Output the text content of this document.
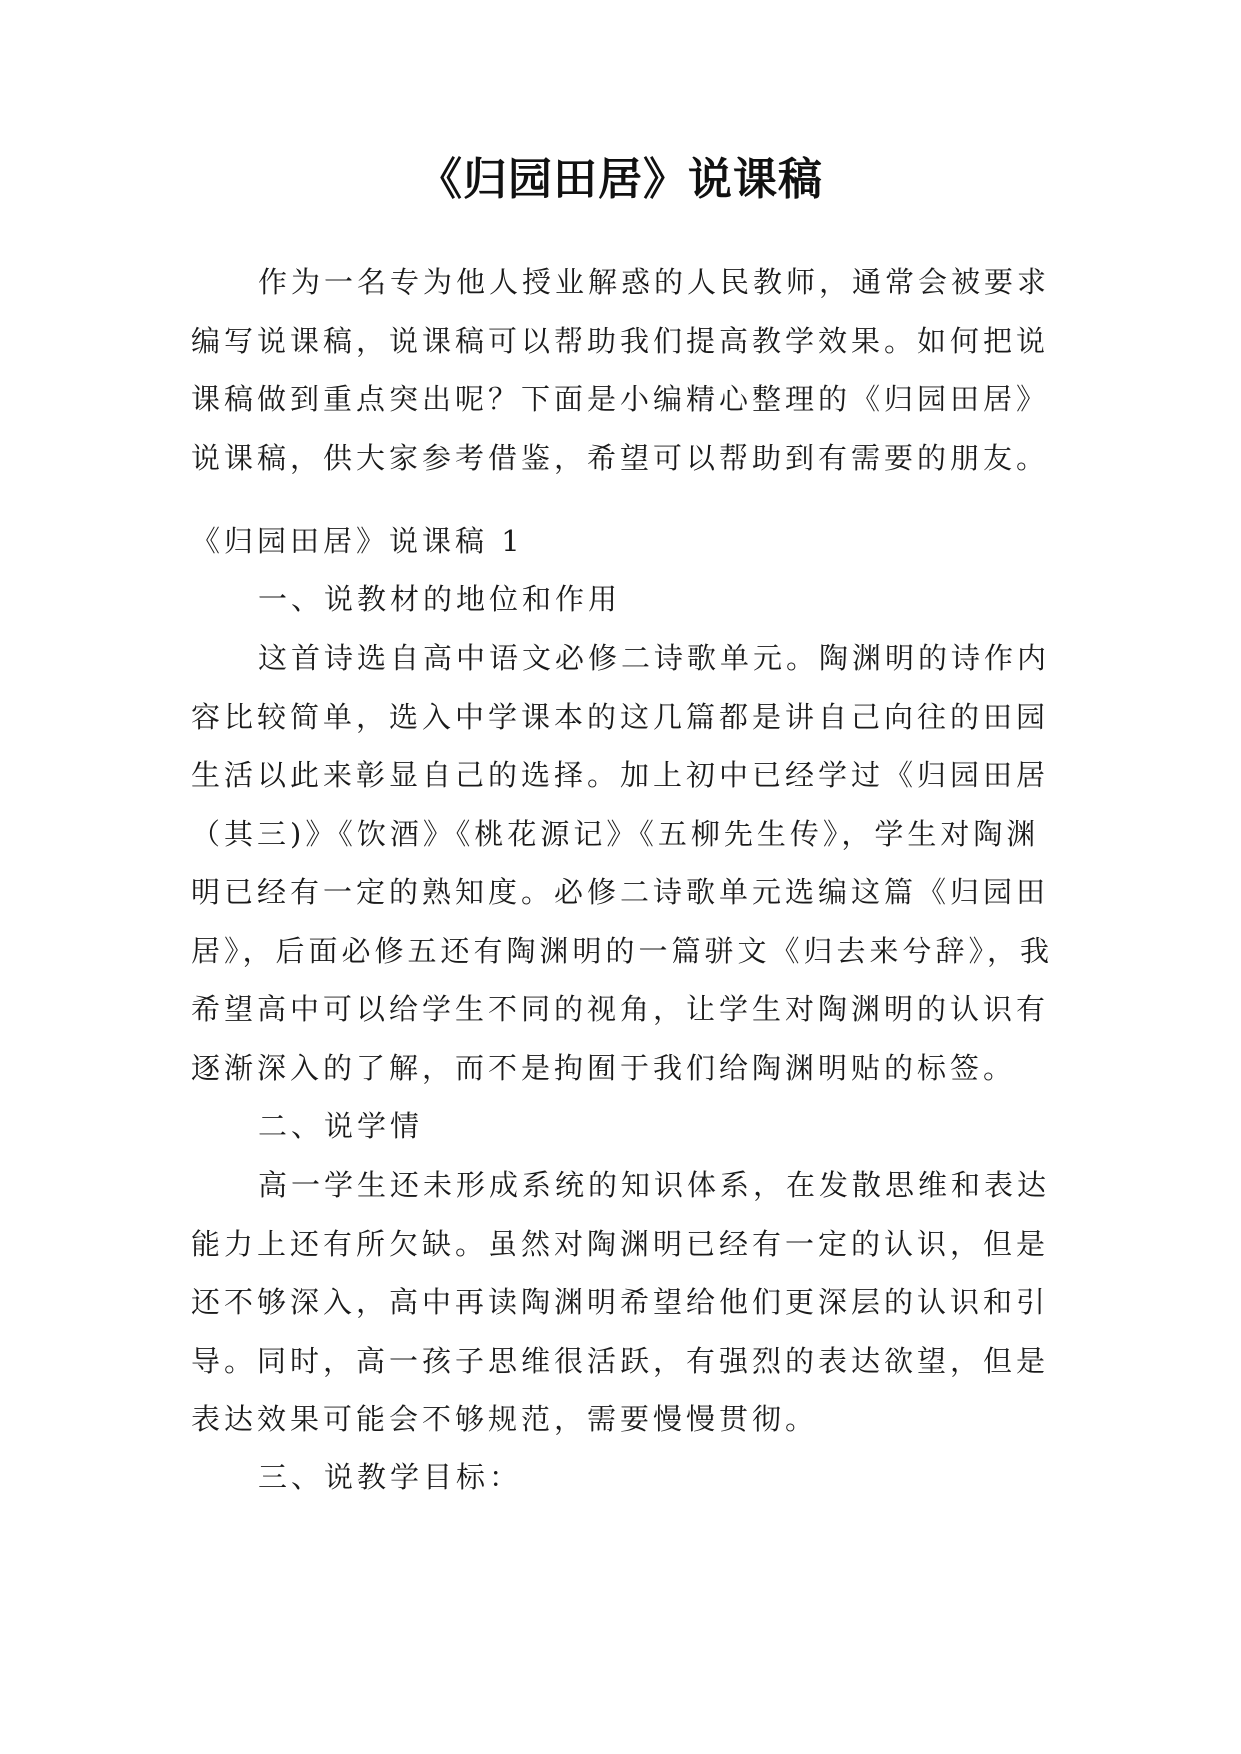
《归园田居》说课稿
作为一名专为他人授业解惑的人民教师，通常会被要求
编写说课稿，说课稿可以帮助我们提高教学效果。如何把说
课稿做到重点突出呢？下面是小编精心整理的《归园田居》
说课稿，供大家参考借鉴，希望可以帮助到有需要的朋友。
《归园田居》说课稿 1
一、说教材的地位和作用
这首诗选自高中语文必修二诗歌单元。陶渊明的诗作内
容比较简单，选入中学课本的这几篇都是讲自己向往的田园
生活以此来彰显自己的选择。加上初中已经学过《归园田居
（其三)》《饮酒》《桃花源记》《五柳先生传》，学生对陶渊
明已经有一定的熟知度。必修二诗歌单元选编这篇《归园田
居》，后面必修五还有陶渊明的一篇骈文《归去来兮辞》，我
希望高中可以给学生不同的视角，让学生对陶渊明的认识有
逐渐深入的了解，而不是拘囿于我们给陶渊明贴的标签。
二、说学情
高一学生还未形成系统的知识体系，在发散思维和表达
能力上还有所欠缺。虽然对陶渊明已经有一定的认识，但是
还不够深入，高中再读陶渊明希望给他们更深层的认识和引
导。同时，高一孩子思维很活跃，有强烈的表达欲望，但是
表达效果可能会不够规范，需要慢慢贯彻。
三、说教学目标：
